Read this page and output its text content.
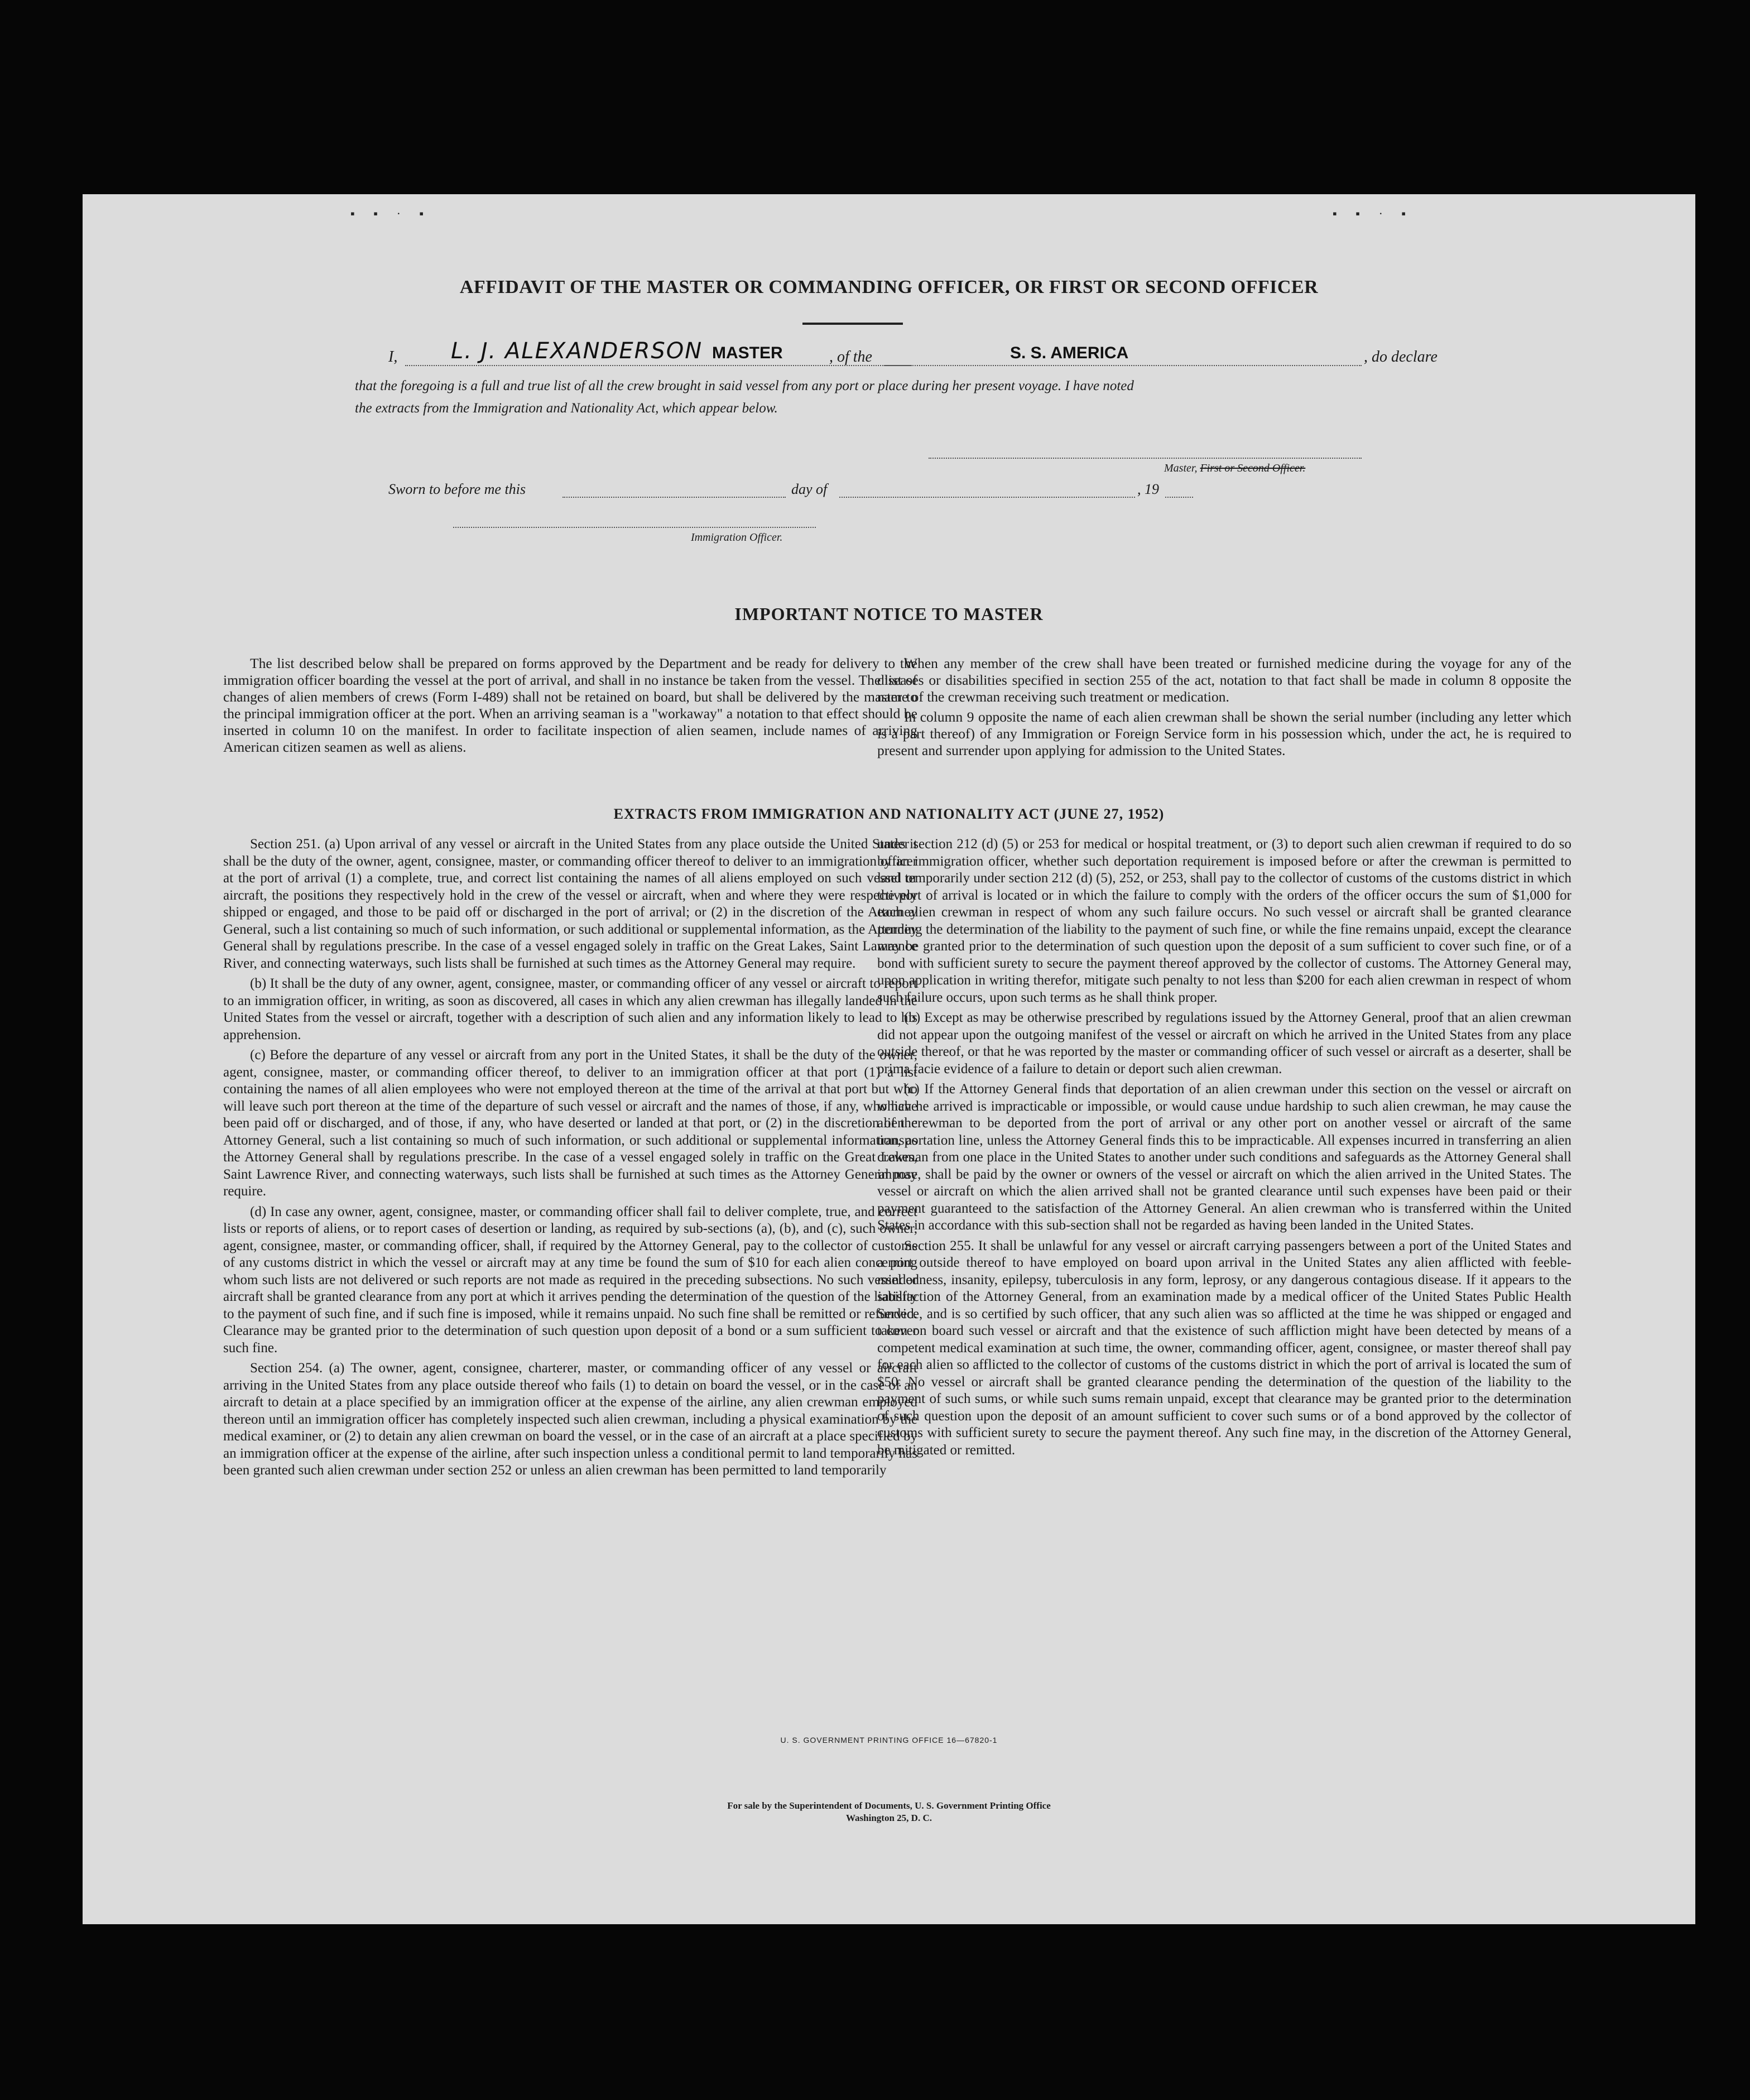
▪ ▪ · ▪	▪ ▪ · ▪
AFFIDAVIT OF THE MASTER OR COMMANDING OFFICER, OR FIRST OR SECOND OFFICER
I, L. J. ALEXANDERSON MASTER	, of the	S. S. AMERICA	, do declare
that the foregoing is a full and true list of all the crew brought in said vessel from any port or place during her present voyage. I have noted
the extracts from the Immigration and Nationality Act, which appear below.
Master, First or Second Officer.
Sworn to before me this	day of	, 19
Immigration Officer.
IMPORTANT NOTICE TO MASTER

The list described below shall be prepared on forms approved by the Department and be ready for delivery to the immigration officer boarding the vessel at the port of arrival, and shall in no instance be taken from the vessel. The list of changes of alien members of crews (Form I-489) shall not be retained on board, but shall be delivered by the master to the principal immigration officer at the port. When an arriving seaman is a "workaway" a notation to that effect should be inserted in column 10 on the manifest. In order to facilitate inspection of alien seamen, include names of arriving American citizen seamen as well as aliens.

When any member of the crew shall have been treated or furnished medicine during the voyage for any of the diseases or disabilities specified in section 255 of the act, notation to that fact shall be made in column 8 opposite the name of the crewman receiving such treatment or medication.

In column 9 opposite the name of each alien crewman shall be shown the serial number (including any letter which is a part thereof) of any Immigration or Foreign Service form in his possession which, under the act, he is required to present and surrender upon applying for admission to the United States.

EXTRACTS FROM IMMIGRATION AND NATIONALITY ACT (JUNE 27, 1952)

Section 251. (a) Upon arrival of any vessel or aircraft in the United States from any place outside the United States it shall be the duty of the owner, agent, consignee, master, or commanding officer thereof to deliver to an immigration officer at the port of arrival (1) a complete, true, and correct list containing the names of all aliens employed on such vessel or aircraft, the positions they respectively hold in the crew of the vessel or aircraft, when and where they were respectively shipped or engaged, and those to be paid off or discharged in the port of arrival; or (2) in the discretion of the Attorney General, such a list containing so much of such information, or such additional or supplemental information, as the Attorney General shall by regulations prescribe. In the case of a vessel engaged solely in traffic on the Great Lakes, Saint Lawrence River, and connecting waterways, such lists shall be furnished at such times as the Attorney General may require.

(b) It shall be the duty of any owner, agent, consignee, master, or commanding officer of any vessel or aircraft to report to an immigration officer, in writing, as soon as discovered, all cases in which any alien crewman has illegally landed in the United States from the vessel or aircraft, together with a description of such alien and any information likely to lead to his apprehension.

(c) Before the departure of any vessel or aircraft from any port in the United States, it shall be the duty of the owner, agent, consignee, master, or commanding officer thereof, to deliver to an immigration officer at that port (1) a list containing the names of all alien employees who were not employed thereon at the time of the arrival at that port but who will leave such port thereon at the time of the departure of such vessel or aircraft and the names of those, if any, who have been paid off or discharged, and of those, if any, who have deserted or landed at that port, or (2) in the discretion of the Attorney General, such a list containing so much of such information, or such additional or supplemental information, as the Attorney General shall by regulations prescribe. In the case of a vessel engaged solely in traffic on the Great Lakes, Saint Lawrence River, and connecting waterways, such lists shall be furnished at such times as the Attorney General may require.

(d) In case any owner, agent, consignee, master, or commanding officer shall fail to deliver complete, true, and correct lists or reports of aliens, or to report cases of desertion or landing, as required by sub-sections (a), (b), and (c), such owner, agent, consignee, master, or commanding officer, shall, if required by the Attorney General, pay to the collector of customs of any customs district in which the vessel or aircraft may at any time be found the sum of $10 for each alien concerning whom such lists are not delivered or such reports are not made as required in the preceding subsections. No such vessel or aircraft shall be granted clearance from any port at which it arrives pending the determination of the question of the liability to the payment of such fine, and if such fine is imposed, while it remains unpaid. No such fine shall be remitted or refunded. Clearance may be granted prior to the determination of such question upon deposit of a bond or a sum sufficient to cover such fine.

Section 254. (a) The owner, agent, consignee, charterer, master, or commanding officer of any vessel or aircraft arriving in the United States from any place outside thereof who fails (1) to detain on board the vessel, or in the case of an aircraft to detain at a place specified by an immigration officer at the expense of the airline, any alien crewman employed thereon until an immigration officer has completely inspected such alien crewman, including a physical examination by the medical examiner, or (2) to detain any alien crewman on board the vessel, or in the case of an aircraft at a place specified by an immigration officer at the expense of the airline, after such inspection unless a conditional permit to land temporarily has been granted such alien crewman under section 252 or unless an alien crewman has been permitted to land temporarily

under section 212 (d) (5) or 253 for medical or hospital treatment, or (3) to deport such alien crewman if required to do so by an immigration officer, whether such deportation requirement is imposed before or after the crewman is permitted to land temporarily under section 212 (d) (5), 252, or 253, shall pay to the collector of customs of the customs district in which the port of arrival is located or in which the failure to comply with the orders of the officer occurs the sum of $1,000 for each alien crewman in respect of whom any such failure occurs. No such vessel or aircraft shall be granted clearance pending the determination of the liability to the payment of such fine, or while the fine remains unpaid, except the clearance may be granted prior to the determination of such question upon the deposit of a sum sufficient to cover such fine, or of a bond with sufficient surety to secure the payment thereof approved by the collector of customs. The Attorney General may, upon application in writing therefor, mitigate such penalty to not less than $200 for each alien crewman in respect of whom such failure occurs, upon such terms as he shall think proper.

(b) Except as may be otherwise prescribed by regulations issued by the Attorney General, proof that an alien crewman did not appear upon the outgoing manifest of the vessel or aircraft on which he arrived in the United States from any place outside thereof, or that he was reported by the master or commanding officer of such vessel or aircraft as a deserter, shall be prima facie evidence of a failure to detain or deport such alien crewman.

(c) If the Attorney General finds that deportation of an alien crewman under this section on the vessel or aircraft on which he arrived is impracticable or impossible, or would cause undue hardship to such alien crewman, he may cause the alien crewman to be deported from the port of arrival or any other port on another vessel or aircraft of the same transportation line, unless the Attorney General finds this to be impracticable. All expenses incurred in transferring an alien crewman from one place in the United States to another under such conditions and safeguards as the Attorney General shall impose, shall be paid by the owner or owners of the vessel or aircraft on which the alien arrived in the United States. The vessel or aircraft on which the alien arrived shall not be granted clearance until such expenses have been paid or their payment guaranteed to the satisfaction of the Attorney General. An alien crewman who is transferred within the United States in accordance with this sub-section shall not be regarded as having been landed in the United States.

Section 255. It shall be unlawful for any vessel or aircraft carrying passengers between a port of the United States and a port outside thereof to have employed on board upon arrival in the United States any alien afflicted with feeble-mindedness, insanity, epilepsy, tuberculosis in any form, leprosy, or any dangerous contagious disease. If it appears to the satisfaction of the Attorney General, from an examination made by a medical officer of the United States Public Health Service, and is so certified by such officer, that any such alien was so afflicted at the time he was shipped or engaged and taken on board such vessel or aircraft and that the existence of such affliction might have been detected by means of a competent medical examination at such time, the owner, commanding officer, agent, consignee, or master thereof shall pay for each alien so afflicted to the collector of customs of the customs district in which the port of arrival is located the sum of $50. No vessel or aircraft shall be granted clearance pending the determination of the question of the liability to the payment of such sums, or while such sums remain unpaid, except that clearance may be granted prior to the determination of such question upon the deposit of an amount sufficient to cover such sums or of a bond approved by the collector of customs with sufficient surety to secure the payment thereof. Any such fine may, in the discretion of the Attorney General, be mitigated or remitted.

U. S. GOVERNMENT PRINTING OFFICE 16—67820-1
For sale by the Superintendent of Documents, U. S. Government Printing Office
Washington 25, D. C.
